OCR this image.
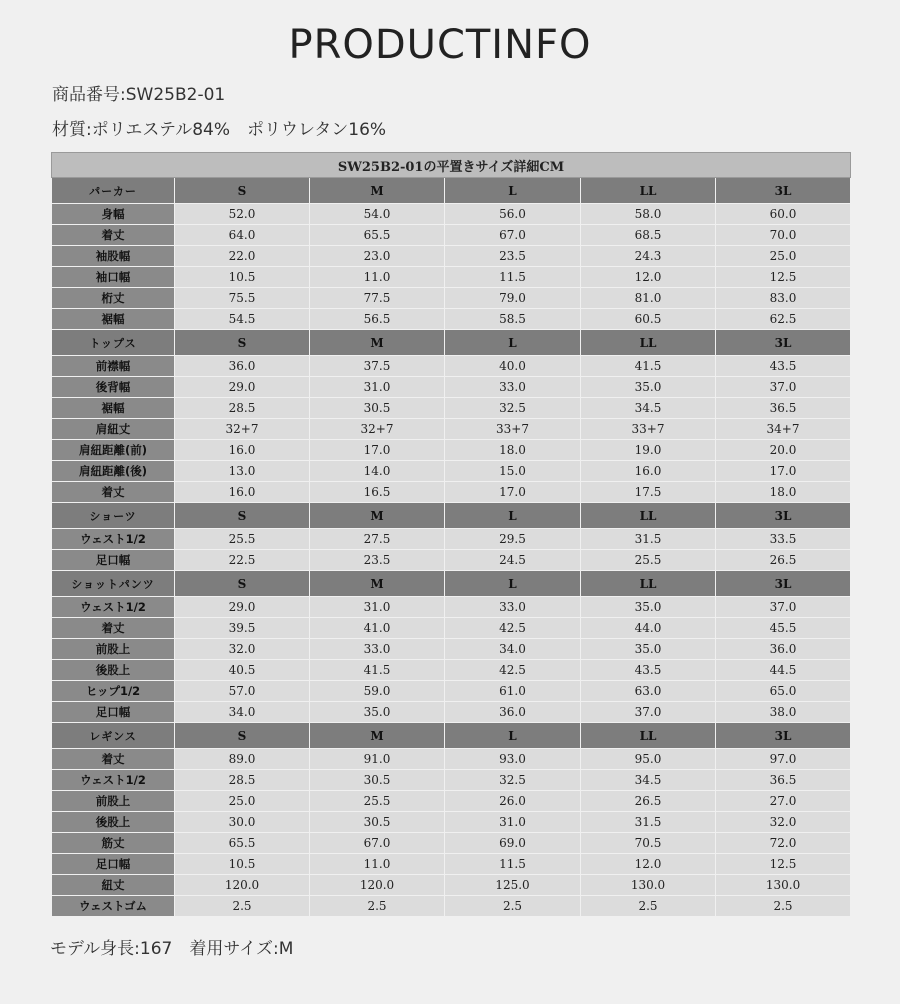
PRODUCTINFO
商品番号:SW25B2-01
材質:ポリエステル84%　ポリウレタン16%
SW25B2-01の平置きサイズ詳細CM					
パーカー	S	M	L	LL	3L
身幅	52.0	54.0	56.0	58.0	60.0
着丈	64.0	65.5	67.0	68.5	70.0
袖股幅	22.0	23.0	23.5	24.3	25.0
袖口幅	10.5	11.0	11.5	12.0	12.5
桁丈	75.5	77.5	79.0	81.0	83.0
裾幅	54.5	56.5	58.5	60.5	62.5
トップス	S	M	L	LL	3L
前襟幅	36.0	37.5	40.0	41.5	43.5
後背幅	29.0	31.0	33.0	35.0	37.0
裾幅	28.5	30.5	32.5	34.5	36.5
肩紐丈	32+7	32+7	33+7	33+7	34+7
肩紐距離(前)	16.0	17.0	18.0	19.0	20.0
肩紐距離(後)	13.0	14.0	15.0	16.0	17.0
着丈	16.0	16.5	17.0	17.5	18.0
ショーツ	S	M	L	LL	3L
ウェスト1/2	25.5	27.5	29.5	31.5	33.5
足口幅	22.5	23.5	24.5	25.5	26.5
ショットパンツ	S	M	L	LL	3L
ウェスト1/2	29.0	31.0	33.0	35.0	37.0
着丈	39.5	41.0	42.5	44.0	45.5
前股上	32.0	33.0	34.0	35.0	36.0
後股上	40.5	41.5	42.5	43.5	44.5
ヒップ1/2	57.0	59.0	61.0	63.0	65.0
足口幅	34.0	35.0	36.0	37.0	38.0
レギンス	S	M	L	LL	3L
着丈	89.0	91.0	93.0	95.0	97.0
ウェスト1/2	28.5	30.5	32.5	34.5	36.5
前股上	25.0	25.5	26.0	26.5	27.0
後股上	30.0	30.5	31.0	31.5	32.0
筋丈	65.5	67.0	69.0	70.5	72.0
足口幅	10.5	11.0	11.5	12.0	12.5
紐丈	120.0	120.0	125.0	130.0	130.0
ウェストゴム	2.5	2.5	2.5	2.5	2.5
モデル身長:167　着用サイズ:M
